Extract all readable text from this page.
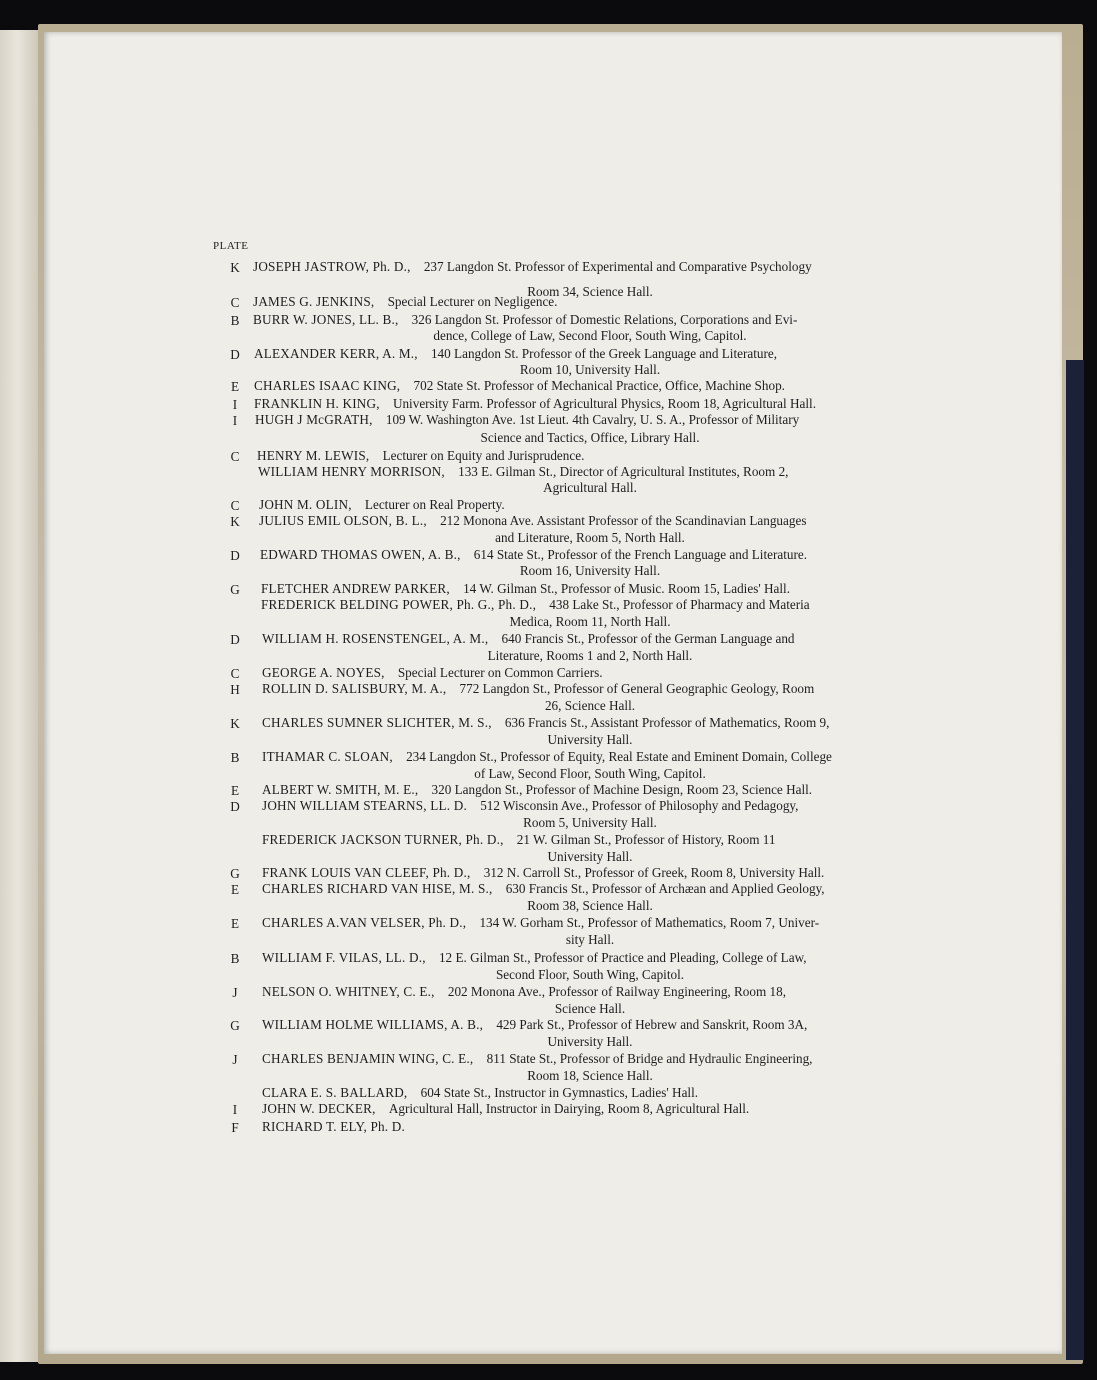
PLATE
K JOSEPH JASTROW, Ph. D.,  237 Langdon St. Professor of Experimental and Comparative Psychology
Room 34, Science Hall.
C JAMES G. JENKINS,  Special Lecturer on Negligence.
B BURR W. JONES, LL. B.,  326 Langdon St. Professor of Domestic Relations, Corporations and Evi-
dence, College of Law, Second Floor, South Wing, Capitol.
D ALEXANDER KERR, A. M.,  140 Langdon St. Professor of the Greek Language and Literature,
Room 10, University Hall.
E CHARLES ISAAC KING,  702 State St. Professor of Mechanical Practice, Office, Machine Shop.
I	FRANKLIN H. KING,  University Farm. Professor of Agricultural Physics, Room 18, Agricultural Hall.
I	HUGH J McGRATH,  109 W. Washington Ave. 1st Lieut. 4th Cavalry, U. S. A., Professor of Military
Science and Tactics, Office, Library Hall.
C HENRY M. LEWIS,  Lecturer on Equity and Jurisprudence.
WILLIAM HENRY MORRISON,  133 E. Gilman St., Director of Agricultural Institutes, Room 2,
Agricultural Hall.
C JOHN M. OLIN,  Lecturer on Real Property.
K JULIUS EMIL OLSON, B. L.,  212 Monona Ave. Assistant Professor of the Scandinavian Languages
and Literature, Room 5, North Hall.
D EDWARD THOMAS OWEN, A. B.,  614 State St., Professor of the French Language and Literature.
Room 16, University Hall.
G FLETCHER ANDREW PARKER,  14 W. Gilman St., Professor of Music. Room 15, Ladies' Hall.
FREDERICK BELDING POWER, Ph. G., Ph. D.,  438 Lake St., Professor of Pharmacy and Materia
Medica, Room 11, North Hall.
D WILLIAM H. ROSENSTENGEL, A. M.,  640 Francis St., Professor of the German Language and
Literature, Rooms 1 and 2, North Hall.
C GEORGE A. NOYES,  Special Lecturer on Common Carriers.
H ROLLIN D. SALISBURY, M. A.,  772 Langdon St., Professor of General Geographic Geology, Room
26, Science Hall.
K CHARLES SUMNER SLICHTER, M. S.,  636 Francis St., Assistant Professor of Mathematics, Room 9,
University Hall.
B ITHAMAR C. SLOAN,  234 Langdon St., Professor of Equity, Real Estate and Eminent Domain, College
of Law, Second Floor, South Wing, Capitol.
E ALBERT W. SMITH, M. E.,  320 Langdon St., Professor of Machine Design, Room 23, Science Hall.
D JOHN WILLIAM STEARNS, LL. D.  512 Wisconsin Ave., Professor of Philosophy and Pedagogy,
Room 5, University Hall.
FREDERICK JACKSON TURNER, Ph. D.,  21 W. Gilman St., Professor of History, Room 11
University Hall.
G FRANK LOUIS VAN CLEEF, Ph. D.,  312 N. Carroll St., Professor of Greek, Room 8, University Hall.
E CHARLES RICHARD VAN HISE, M. S.,  630 Francis St., Professor of Archæan and Applied Geology,
Room 38, Science Hall.
E CHARLES A.VAN VELSER, Ph. D.,  134 W. Gorham St., Professor of Mathematics, Room 7, Univer-
sity Hall.
B WILLIAM F. VILAS, LL. D.,  12 E. Gilman St., Professor of Practice and Pleading, College of Law,
Second Floor, South Wing, Capitol.
J	NELSON O. WHITNEY, C. E.,  202 Monona Ave., Professor of Railway Engineering, Room 18,
Science Hall.
G WILLIAM HOLME WILLIAMS, A. B.,  429 Park St., Professor of Hebrew and Sanskrit, Room 3A,
University Hall.
J	CHARLES BENJAMIN WING, C. E.,  811 State St., Professor of Bridge and Hydraulic Engineering,
Room 18, Science Hall.
CLARA E. S. BALLARD,  604 State St., Instructor in Gymnastics, Ladies' Hall.
I	JOHN W. DECKER,  Agricultural Hall, Instructor in Dairying, Room 8, Agricultural Hall.
F RICHARD T. ELY, Ph. D.
